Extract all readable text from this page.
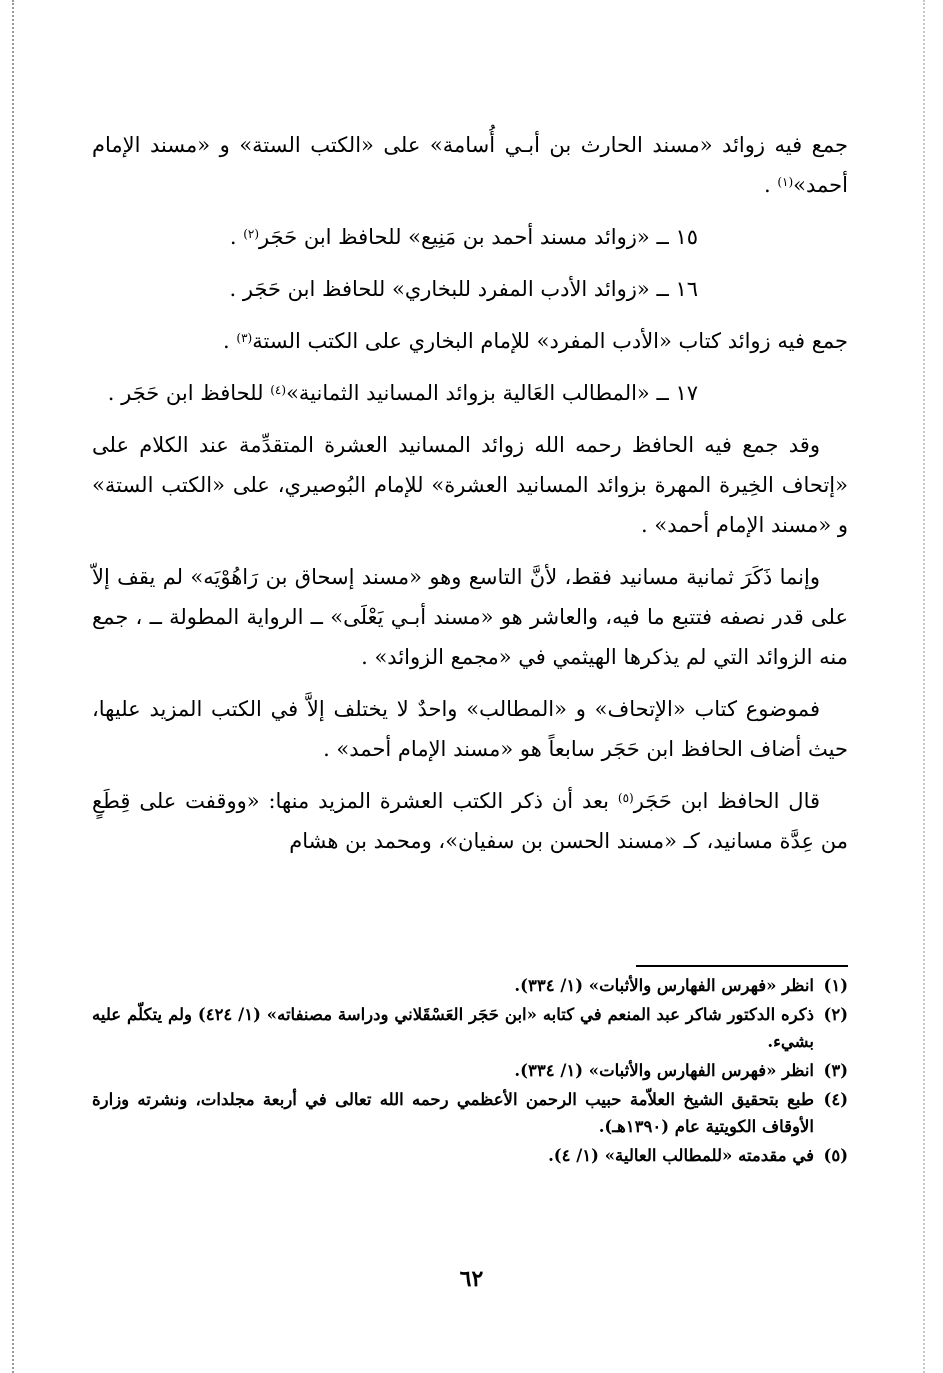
جمع فيه زوائد «مسند الحارث بن أبـي أُسامة» على «الكتب الستة» و «مسند الإمام أحمد»$^{(١)}$ .

١٥ ــ «زوائد مسند أحمد بن مَنِيع» للحافظ ابن حَجَر$^{(٢)}$ .

١٦ ــ «زوائد الأدب المفرد للبخاري» للحافظ ابن حَجَر .

جمع فيه زوائد كتاب «الأدب المفرد» للإمام البخاري على الكتب الستة$^{(٣)}$ .

١٧ ــ «المطالب العَالية بزوائد المسانيد الثمانية»$^{(٤)}$ للحافظ ابن حَجَر .

وقد جمع فيه الحافظ رحمه الله زوائد المسانيد العشرة المتقدِّمة عند الكلام على «إتحاف الخِيرة المهرة بزوائد المسانيد العشرة» للإمام البُوصيري، على «الكتب الستة» و «مسند الإمام أحمد» .

وإنما ذَكَرَ ثمانية مسانيد فقط، لأنَّ التاسع وهو «مسند إسحاق بن رَاهُوْيَه» لم يقف إلاّ على قدر نصفه فتتبع ما فيه، والعاشر هو «مسند أبـي يَعْلَى» ــ الرواية المطولة ــ ، جمع منه الزوائد التي لم يذكرها الهيثمي في «مجمع الزوائد» .

فموضوع كتاب «الإتحاف» و «المطالب» واحدٌ لا يختلف إلاَّ في الكتب المزيد عليها، حيث أضاف الحافظ ابن حَجَر سابعاً هو «مسند الإمام أحمد» .

قال الحافظ ابن حَجَر$^{(٥)}$ بعد أن ذكر الكتب العشرة المزيد منها: «ووقفت على قِطَعٍ من عِدَّة مسانيد، كـ «مسند الحسن بن سفيان»، ومحمد بن هشام

(١)
انظر «فهرس الفهارس والأثبات» (١/ ٣٣٤).
(٢)
ذكره الدكتور شاكر عبد المنعم في كتابه «ابن حَجَر العَسْقَلاني ودراسة مصنفاته» (١/ ٤٢٤) ولم يتكلّم عليه بشيء.
(٣)
انظر «فهرس الفهارس والأثبات» (١/ ٣٣٤).
(٤)
طبع بتحقيق الشيخ العلاّمة حبيب الرحمن الأعظمي رحمه الله تعالى في أربعة مجلدات، ونشرته وزارة الأوقاف الكويتية عام (١٣٩٠هـ).
(٥)
في مقدمته «للمطالب العالية» (١/ ٤).
٦٢
